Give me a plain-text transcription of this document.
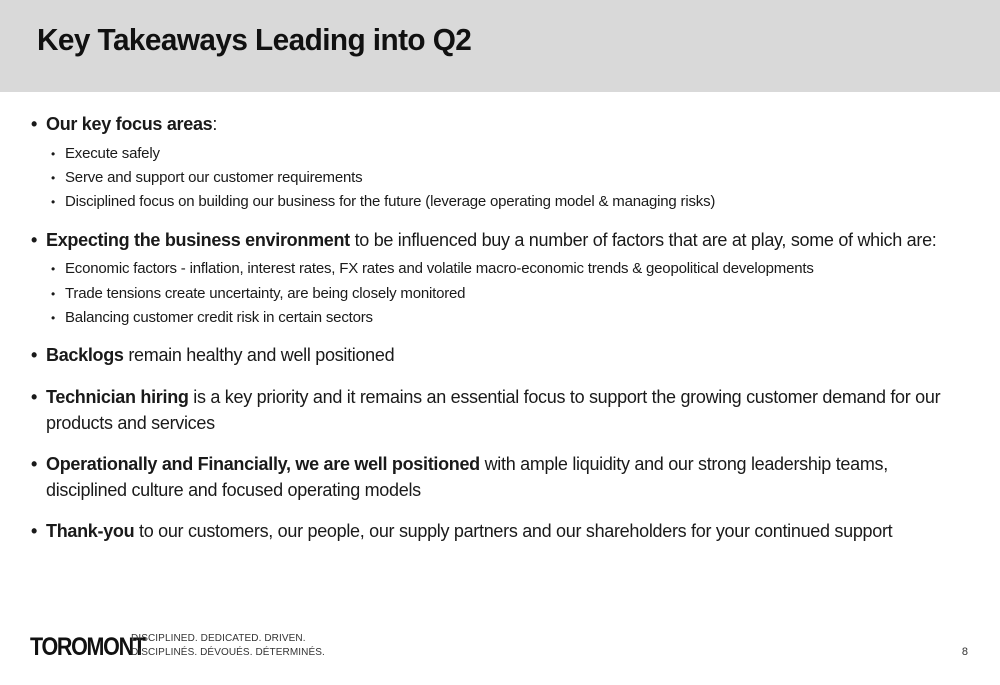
Key Takeaways Leading into Q2
• Our key focus areas:
• Execute safely
• Serve and support our customer requirements
• Disciplined focus on building our business for the future (leverage operating model & managing risks)
• Expecting the business environment to be influenced buy a number of factors that are at play, some of which are:
• Economic factors - inflation, interest rates, FX rates and volatile macro-economic trends & geopolitical developments
• Trade tensions create uncertainty, are being closely monitored
• Balancing customer credit risk in certain sectors
• Backlogs remain healthy and well positioned
• Technician hiring is a key priority and it remains an essential focus to support the growing customer demand for our products and services
• Operationally and Financially, we are well positioned with ample liquidity and our strong leadership teams, disciplined culture and focused operating models
• Thank-you to our customers, our people, our supply partners and our shareholders for your continued support
TOROMONT
DISCIPLINED. DEDICATED. DRIVEN.
DISCIPLINÉS. DÉVOUÉS. DÉTERMINÉS.	8
